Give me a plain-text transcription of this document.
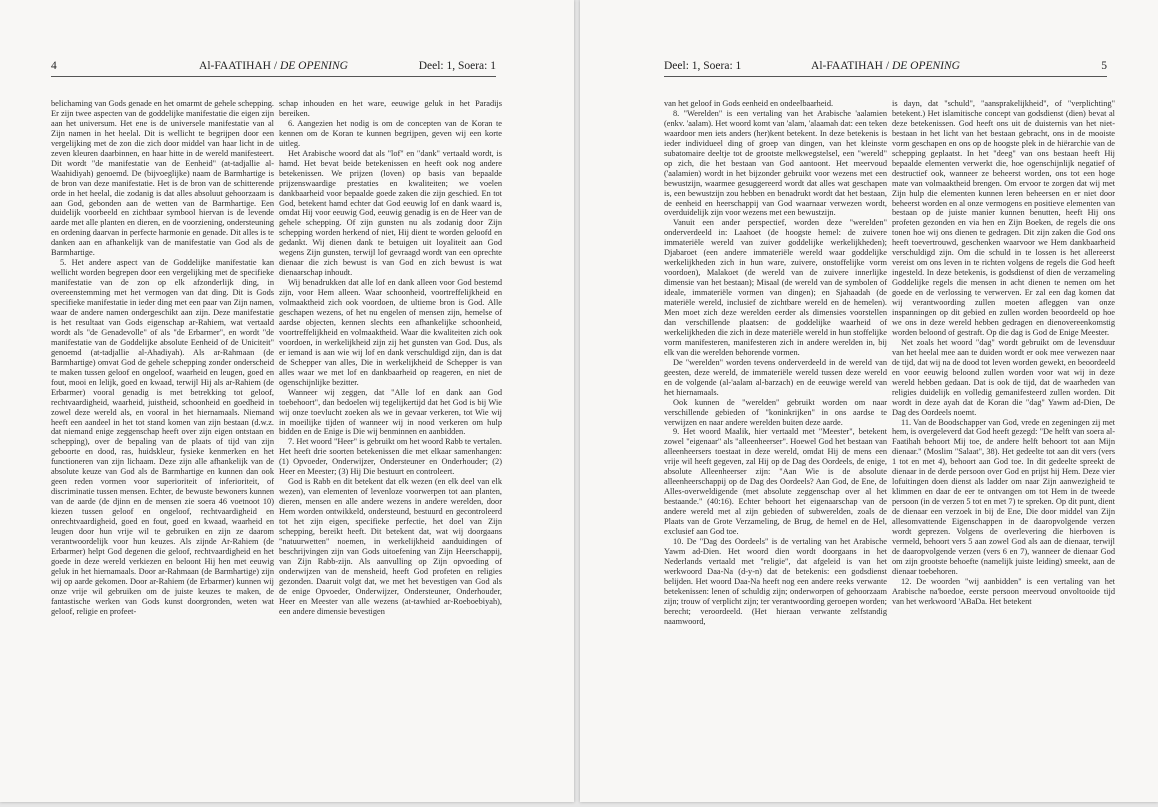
4	Al-FAATIHAH / DE OPENING	Deel: 1, Soera: 1

belichaming van Gods genade en het omarmt de gehele schepping. Er zijn twee aspecten van de goddelijke manifestatie die eigen zijn aan het universum. Het ene is de universele manifestatie van al Zijn namen in het heelal. Dit is wellicht te begrijpen door een vergelijking met de zon die zich door middel van haar licht in de zeven kleuren daarbinnen, en haar hitte in de wereld manifesteert. Dit wordt "de manifestatie van de Eenheid" (at-tadjallie al-Waahidiyah) genoemd. De (bijvoeglijke) naam de Barmhartige is de bron van deze manifestatie. Het is de bron van de schitterende orde in het heelal, die zodanig is dat alles absoluut gehoorzaam is aan God, gebonden aan de wetten van de Barmhartige. Een duidelijk voorbeeld en zichtbaar symbool hiervan is de levende aarde met alle planten en dieren, en de voorziening, ondersteuning en ordening daarvan in perfecte harmonie en genade. Dit alles is te danken aan en afhankelijk van de manifestatie van God als de Barmhartige.

5. Het andere aspect van de Goddelijke manifestatie kan wellicht worden begrepen door een vergelijking met de specifieke manifestatie van de zon op elk afzonderlijk ding, in overeenstemming met het vermogen van dat ding. Dit is Gods specifieke manifestatie in ieder ding met een paar van Zijn namen, waar de andere namen ondergeschikt aan zijn. Deze manifestatie is het resultaat van Gods eigenschap ar-Rahiem, wat vertaald wordt als "de Genadevolle" of als "de Erbarmer", en wordt "de manifestatie van de Goddelijke absolute Eenheid of de Uniciteit" genoemd (at-tadjallie al-Ahadiyah). Als ar-Rahmaan (de Barmhartige) omvat God de gehele schepping zonder onderscheid te maken tussen geloof en ongeloof, waarheid en leugen, goed en fout, mooi en lelijk, goed en kwaad, terwijl Hij als ar-Rahiem (de Erbarmer) vooral genadig is met betrekking tot geloof, rechtvaardigheid, waarheid, juistheid, schoonheid en goedheid in zowel deze wereld als, en vooral in het hiernamaals. Niemand heeft een aandeel in het tot stand komen van zijn bestaan (d.w.z. dat niemand enige zeggenschap heeft over zijn eigen ontstaan en schepping), over de bepaling van de plaats of tijd van zijn geboorte en dood, ras, huidskleur, fysieke kenmerken en het functioneren van zijn lichaam. Deze zijn alle afhankelijk van de absolute keuze van God als de Barmhartige en kunnen dan ook geen reden vormen voor superioriteit of inferioriteit, of discriminatie tussen mensen. Echter, de bewuste bewoners kunnen van de aarde (de djinn en de mensen zie soera 46 voetnoot 10) kiezen tussen geloof en ongeloof, rechtvaardigheid en onrechtvaardigheid, goed en fout, goed en kwaad, waarheid en leugen door hun vrije wil te gebruiken en zijn ze daarom verantwoordelijk voor hun keuzes. Als zijnde Ar-Rahiem (de Erbarmer) helpt God degenen die geloof, rechtvaardigheid en het goede in deze wereld verkiezen en beloont Hij hen met eeuwig geluk in het hiernamaals. Door ar-Rahmaan (de Barmhartige) zijn wij op aarde gekomen. Door ar-Rahiem (de Erbarmer) kunnen wij onze vrije wil gebruiken om de juiste keuzes te maken, de fantastische werken van Gods kunst doorgronden, weten wat geloof, religie en profeet-

schap inhouden en het ware, eeuwige geluk in het Paradijs bereiken.

6. Aangezien het nodig is om de concepten van de Koran te kennen om de Koran te kunnen begrijpen, geven wij een korte uitleg.

Het Arabische woord dat als "lof" en "dank" vertaald wordt, is hamd. Het bevat beide betekenissen en heeft ook nog andere betekenissen. We prijzen (loven) op basis van bepaalde prijzenswaardige prestaties en kwaliteiten; we voelen dankbaarheid voor bepaalde goede zaken die zijn geschied. En tot God, betekent hamd echter dat God eeuwig lof en dank waard is, omdat Hij voor eeuwig God, eeuwig genadig is en de Heer van de gehele schepping. Of zijn gunsten nu als zodanig door Zijn schepping worden herkend of niet, Hij dient te worden geloofd en gedankt. Wij dienen dank te betuigen uit loyaliteit aan God wegens Zijn gunsten, terwijl lof gevraagd wordt van een oprechte dienaar die zich bewust is van God en zich bewust is wat dienaarschap inhoudt.

Wij benadrukken dat alle lof en dank alleen voor God bestemd zijn, voor Hem alleen. Waar schoonheid, voortreffelijkheid en volmaaktheid zich ook voordoen, de ultieme bron is God. Alle geschapen wezens, of het nu engelen of mensen zijn, hemelse of aardse objecten, kennen slechts een afhankelijke schoonheid, voortreffelijkheid en volmaaktheid. Waar die kwaliteiten zich ook voordoen, in werkelijkheid zijn zij het gunsten van God. Dus, als er iemand is aan wie wij lof en dank verschuldigd zijn, dan is dat de Schepper van alles, Die in werkelijkheid de Schepper is van alles waar we met lof en dankbaarheid op reageren, en niet de ogenschijnlijke bezitter.

Wanneer wij zeggen, dat "Alle lof en dank aan God toebehoort", dan bedoelen wij tegelijkertijd dat het God is bij Wie wij onze toevlucht zoeken als we in gevaar verkeren, tot Wie wij in moeilijke tijden of wanneer wij in nood verkeren om hulp bidden en de Enige is Die wij benminnen en aanbidden.

7. Het woord "Heer" is gebruikt om het woord Rabb te vertalen. Het heeft drie soorten betekenissen die met elkaar samenhangen: (1) Opvoeder, Onderwijzer, Ondersteuner en Onderhouder; (2) Heer en Meester; (3) Hij Die bestuurt en controleert.

God is Rabb en dit betekent dat elk wezen (en elk deel van elk wezen), van elementen of levenloze voorwerpen tot aan planten, dieren, mensen en alle andere wezens in andere werelden, door Hem worden ontwikkeld, ondersteund, bestuurd en gecontroleerd tot het zijn eigen, specifieke perfectie, het doel van Zijn schepping, bereikt heeft. Dit betekent dat, wat wij doorgaans "natuurwetten" noemen, in werkelijkheid aanduidingen of beschrijvingen zijn van Gods uitoefening van Zijn Heerschappij, van Zijn Rabb-zijn. Als aanvulling op Zijn opvoeding of onderwijzen van de mensheid, heeft God profeten en religies gezonden. Daaruit volgt dat, we met het bevestigen van God als de enige Opvoeder, Onderwijzer, Ondersteuner, Onderhouder, Heer en Meester van alle wezens (at-tawhied ar-Roeboebiyah), een andere dimensie bevestigen

Deel: 1, Soera: 1	Al-FAATIHAH / DE OPENING	5

van het geloof in Gods eenheid en ondeelbaarheid.

8. "Werelden" is een vertaling van het Arabische 'aalamien (enkv. 'aalam). Het woord komt van 'alam, 'alaamah dat: een teken waardoor men iets anders (her)kent betekent. In deze betekenis is ieder individueel ding of groep van dingen, van het kleinste subatomaire deeltje tot de grootste melkwegstelsel, een "wereld" op zich, die het bestaan van God aantoont. Het meervoud ('aalamien) wordt in het bijzonder gebruikt voor wezens met een bewustzijn, waarmee gesuggereerd wordt dat alles wat geschapen is, een bewustzijn zou hebben en benadrukt wordt dat het bestaan, de eenheid en heerschappij van God waarnaar verwezen wordt, overduidelijk zijn voor wezens met een bewustzijn.

Vanuit een ander perspectief, worden deze "werelden" onderverdeeld in: Laahoet (de hoogste hemel: de zuivere immateriële wereld van zuiver goddelijke werkelijkheden); Djabaroet (een andere immateriële wereld waar goddelijke werkelijkheden zich in hun ware, zuivere, onstoffelijke vorm voordoen), Malakoet (de wereld van de zuivere innerlijke dimensie van het bestaan); Misaal (de wereld van de symbolen of ideale, immateriële vormen van dingen); en Sjahaadah (de materiële wereld, inclusief de zichtbare wereld en de hemelen). Men moet zich deze werelden eerder als dimensies voorstellen dan verschillende plaatsen: de goddelijke waarheid of werkelijkheden die zich in deze materiële wereld in hun stoffelijke vorm manifesteren, manifesteren zich in andere werelden in, bij elk van die werelden behorende vormen.

De "werelden" worden tevens onderverdeeld in de wereld van geesten, deze wereld, de immateriële wereld tussen deze wereld en de volgende (al-'aalam al-barzach) en de eeuwige wereld van het hiernamaals.

Ook kunnen de "werelden" gebruikt worden om naar verschillende gebieden of "koninkrijken" in ons aardse te verwijzen en naar andere werelden buiten deze aarde.

9. Het woord Maalik, hier vertaald met "Meester", betekent zowel "eigenaar" als "alleenheerser". Hoewel God het bestaan van alleenheersers toestaat in deze wereld, omdat Hij de mens een vrije wil heeft gegeven, zal Hij op de Dag des Oordeels, de enige, absolute Alleenheerser zijn: "Aan Wie is de absolute alleenheerschappij op de Dag des Oordeels? Aan God, de Ene, de Alles-overweldigende (met absolute zeggenschap over al het bestaande." (40:16). Echter behoort het eigenaarschap van de andere wereld met al zijn gebieden of subwerelden, zoals de Plaats van de Grote Verzameling, de Brug, de hemel en de Hel, exclusief aan God toe.

10. De "Dag des Oordeels" is de vertaling van het Arabische Yawm ad-Dien. Het woord dien wordt doorgaans in het Nederlands vertaald met "religie", dat afgeleid is van het werkwoord Daa-Na (d-y-n) dat de betekenis: een godsdienst belijden. Het woord Daa-Na heeft nog een andere reeks verwante betekenissen: lenen of schuldig zijn; onderworpen of gehoorzaam zijn; trouw of verplicht zijn; ter verantwoording geroepen worden; berecht; veroordeeld. (Het hieraan verwante zelfstandig naamwoord,

is dayn, dat "schuld", "aansprakelijkheid", of "verplichting" betekent.) Het islamitische concept van godsdienst (dien) bevat al deze betekenissen. God heeft ons uit de duisternis van het niet-bestaan in het licht van het bestaan gebracht, ons in de mooiste vorm geschapen en ons op de hoogste plek in de hiërarchie van de schepping geplaatst. In het "deeg" van ons bestaan heeft Hij bepaalde elementen verwerkt die, hoe ogenschijnlijk negatief of destructief ook, wanneer ze beheerst worden, ons tot een hoge mate van volmaaktheid brengen. Om ervoor te zorgen dat wij met Zijn hulp die elementen kunnen leren beheersen en er niet door beheerst worden en al onze vermogens en positieve elementen van bestaan op de juiste manier kunnen benutten, heeft Hij ons profeten gezonden en via hen en Zijn Boeken, de regels die ons tonen hoe wij ons dienen te gedragen. Dit zijn zaken die God ons heeft toevertrouwd, geschenken waarvoor we Hem dankbaarheid verschuldigd zijn. Om die schuld in te lossen is het allereerst vereist om ons leven in te richten volgens de regels die God heeft ingesteld. In deze betekenis, is godsdienst of dien de verzameling Goddelijke regels die mensen in acht dienen te nemen om het goede en de verlossing te verwerven. Er zal een dag komen dat wij verantwoording zullen moeten afleggen van onze inspanningen op dit gebied en zullen worden beoordeeld op hoe we ons in deze wereld hebben gedragen en dienovereenkomstig worden beloond of gestraft. Op die dag is God de Enige Meester.

Net zoals het woord "dag" wordt gebruikt om de levensduur van het heelal mee aan te duiden wordt er ook mee verwezen naar de tijd, dat wij na de dood tot leven worden gewekt, en beoordeeld en voor eeuwig beloond zullen worden voor wat wij in deze wereld hebben gedaan. Dat is ook de tijd, dat de waarheden van religies duidelijk en volledig gemanifesteerd zullen worden. Dit wordt in deze ayah dat de Koran die "dag" Yawm ad-Dien, De Dag des Oordeels noemt.

11. Van de Boodschapper van God, vrede en zegeningen zij met hem, is overgeleverd dat God heeft gezegd: "De helft van soera al-Faatihah behoort Mij toe, de andere helft behoort tot aan Mijn dienaar." (Moslim "Salaat", 38). Het gedeelte tot aan dit vers (vers 1 tot en met 4), behoort aan God toe. In dit gedeelte spreekt de dienaar in de derde persoon over God en prijst hij Hem. Deze vier lofuitingen doen dienst als ladder om naar Zijn aanwezigheid te klimmen en daar de eer te ontvangen om tot Hem in de tweede persoon (in de verzen 5 tot en met 7) te spreken. Op dit punt, dient de dienaar een verzoek in bij de Ene, Die door middel van Zijn allesomvattende Eigenschappen in de daaropvolgende verzen wordt geprezen. Volgens de overlevering die hierboven is vermeld, behoort vers 5 aan zowel God als aan de dienaar, terwijl de daaropvolgende verzen (vers 6 en 7), wanneer de dienaar God om zijn grootste behoefte (namelijk juiste leiding) smeekt, aan de dienaar toebehoren.

12. De woorden "wij aanbidden" is een vertaling van het Arabische na'boedoe, eerste persoon meervoud onvoltooide tijd van het werkwoord 'ABaDa. Het betekent
